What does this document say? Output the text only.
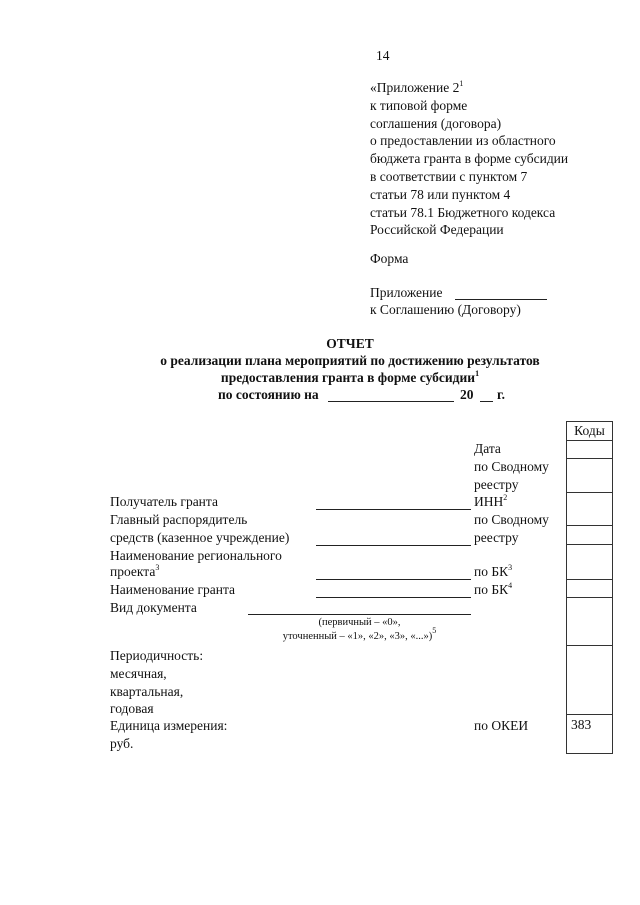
14
«Приложение $2^1$
к типовой форме
соглашения (договора)
о предоставлении из областного
бюджета гранта в форме субсидии
в соответствии с пунктом 7
статьи 78 или пунктом 4
статьи 78.1 Бюджетного кодекса
Российской Федерации
Форма
Приложение
к Соглашению (Договору)
ОТЧЕТ
о реализации плана мероприятий по достижению результатов
предоставления гранта в форме субсидии$^1$
по состоянию на	20 г.
Коды
383
Дата
по Сводному
реестру
ИНН$^2$
по Сводному
реестру
по $БК^3$
по $БК^4$
по ОКЕИ
Получатель гранта
Главный распорядитель
средств (казенное учреждение)
Наименование регионального
проекта$^3$
Наименование гранта
Вид документа
(первичный – «0»,
уточненный – «1», «2», «3», «...»)$^5$
Периодичность:
месячная,
квартальная,
годовая
Единица измерения:
руб.
